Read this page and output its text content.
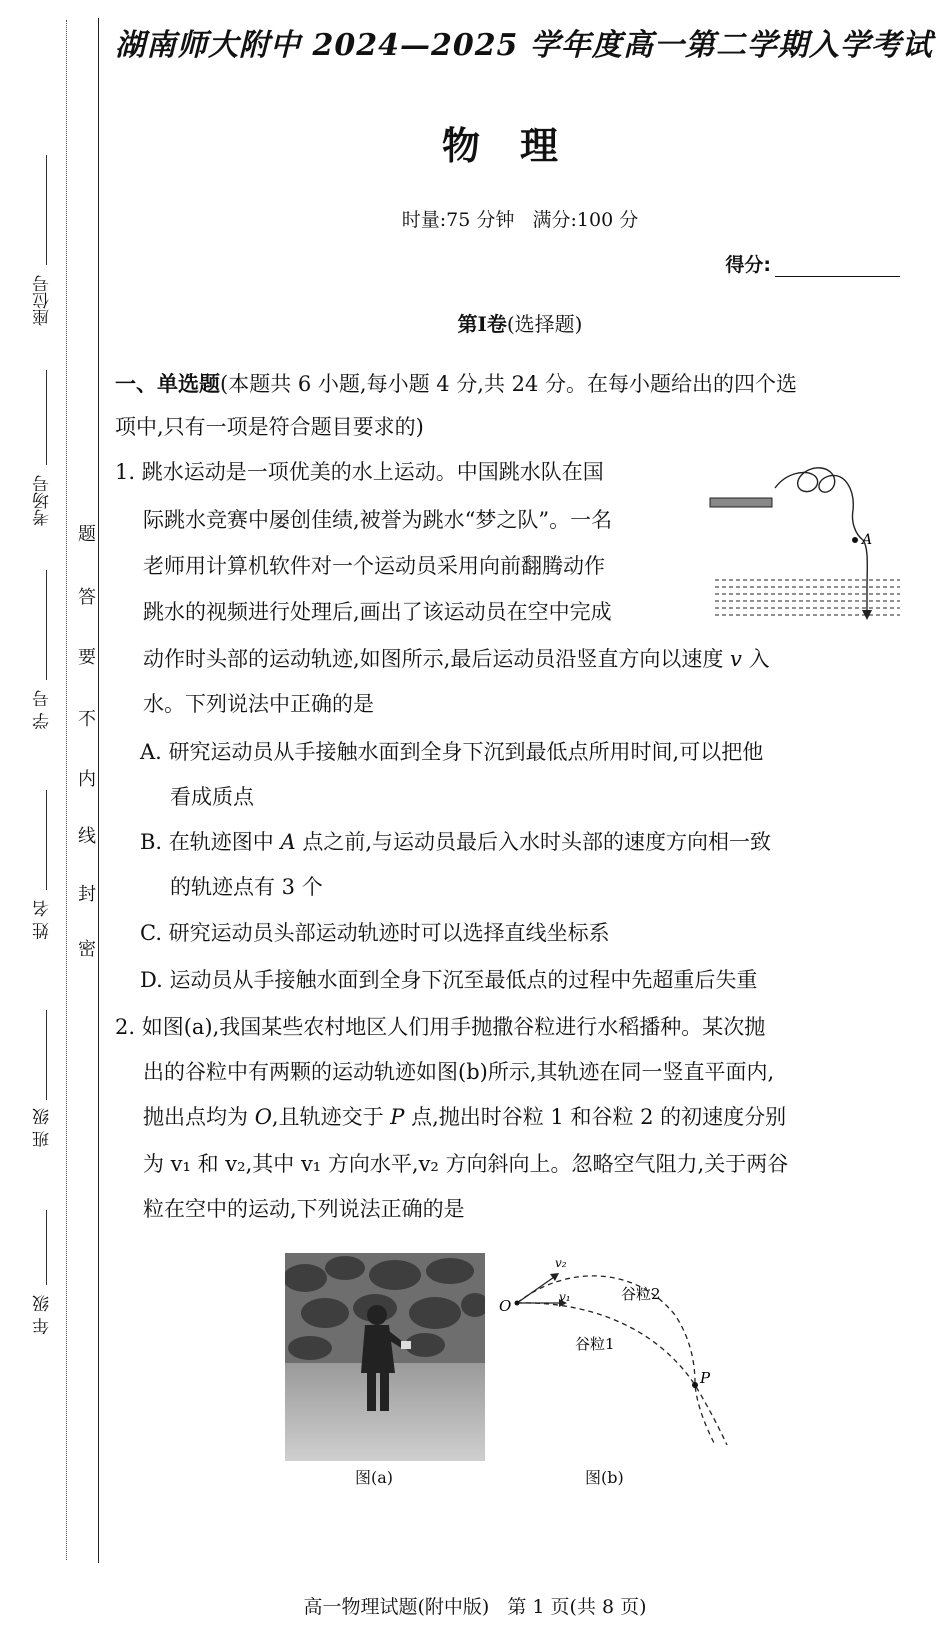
座位号
考场号
学 号
姓 名
班 级
年 级
密
封
线
内
不
要
答
题
湖南师大附中 2024—2025 学年度高一第二学期入学考试
物理
时量:75 分钟   满分:100 分
得分:
第Ⅰ卷(选择题)

一、单选题(本题共 6 小题,每小题 4 分,共 24 分。在每小题给出的四个选

项中,只有一项是符合题目要求的)

1. 跳水运动是一项优美的水上运动。中国跳水队在国

际跳水竞赛中屡创佳绩,被誉为跳水“梦之队”。一名

老师用计算机软件对一个运动员采用向前翻腾动作

跳水的视频进行处理后,画出了该运动员在空中完成

动作时头部的运动轨迹,如图所示,最后运动员沿竖直方向以速度 v 入

水。下列说法中正确的是

A

A. 研究运动员从手接触水面到全身下沉到最低点所用时间,可以把他

看成质点

B. 在轨迹图中 A 点之前,与运动员最后入水时头部的速度方向相一致

的轨迹点有 3 个

C. 研究运动员头部运动轨迹时可以选择直线坐标系

D. 运动员从手接触水面到全身下沉至最低点的过程中先超重后失重

2. 如图(a),我国某些农村地区人们用手抛撒谷粒进行水稻播种。某次抛

出的谷粒中有两颗的运动轨迹如图(b)所示,其轨迹在同一竖直平面内,

抛出点均为 O,且轨迹交于 P 点,抛出时谷粒 1 和谷粒 2 的初速度分别

为 v₁ 和 v₂,其中 v₁ 方向水平,v₂ 方向斜向上。忽略空气阻力,关于两谷

粒在空中的运动,下列说法正确的是

图(a)
O	v₁
v₂
谷粒2
谷粒1
P
图(b)
高一物理试题(附中版)   第 1 页(共 8 页)
